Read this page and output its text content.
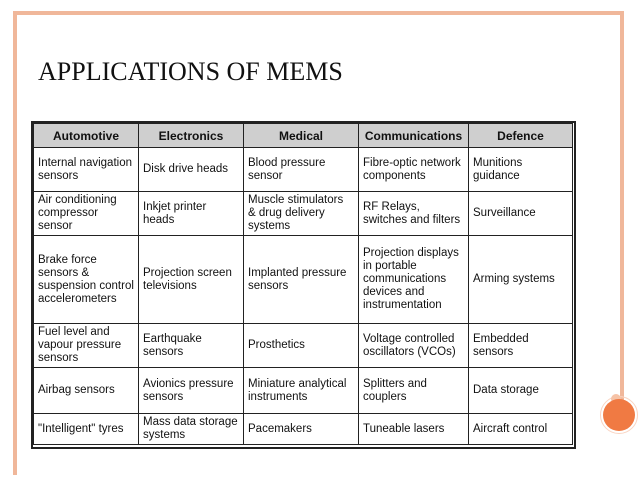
APPLICATIONS OF MEMS
Automotive	Electronics	Medical	Communications	Defence
Internal navigation sensors	Disk drive heads	Blood pressure sensor	Fibre-optic network components	Munitions guidance
Air conditioning compressor sensor	Inkjet printer heads	Muscle stimulators & drug delivery systems	RF Relays, switches and filters	Surveillance
Brake force sensors & suspension control accelerometers	Projection screen televisions	Implanted pressure sensors	Projection displays in portable communications devices and instrumentation	Arming systems
Fuel level and vapour pressure sensors	Earthquake sensors	Prosthetics	Voltage controlled oscillators (VCOs)	Embedded sensors
Airbag sensors	Avionics pressure sensors	Miniature analytical instruments	Splitters and couplers	Data storage
"Intelligent" tyres	Mass data storage systems	Pacemakers	Tuneable lasers	Aircraft control
